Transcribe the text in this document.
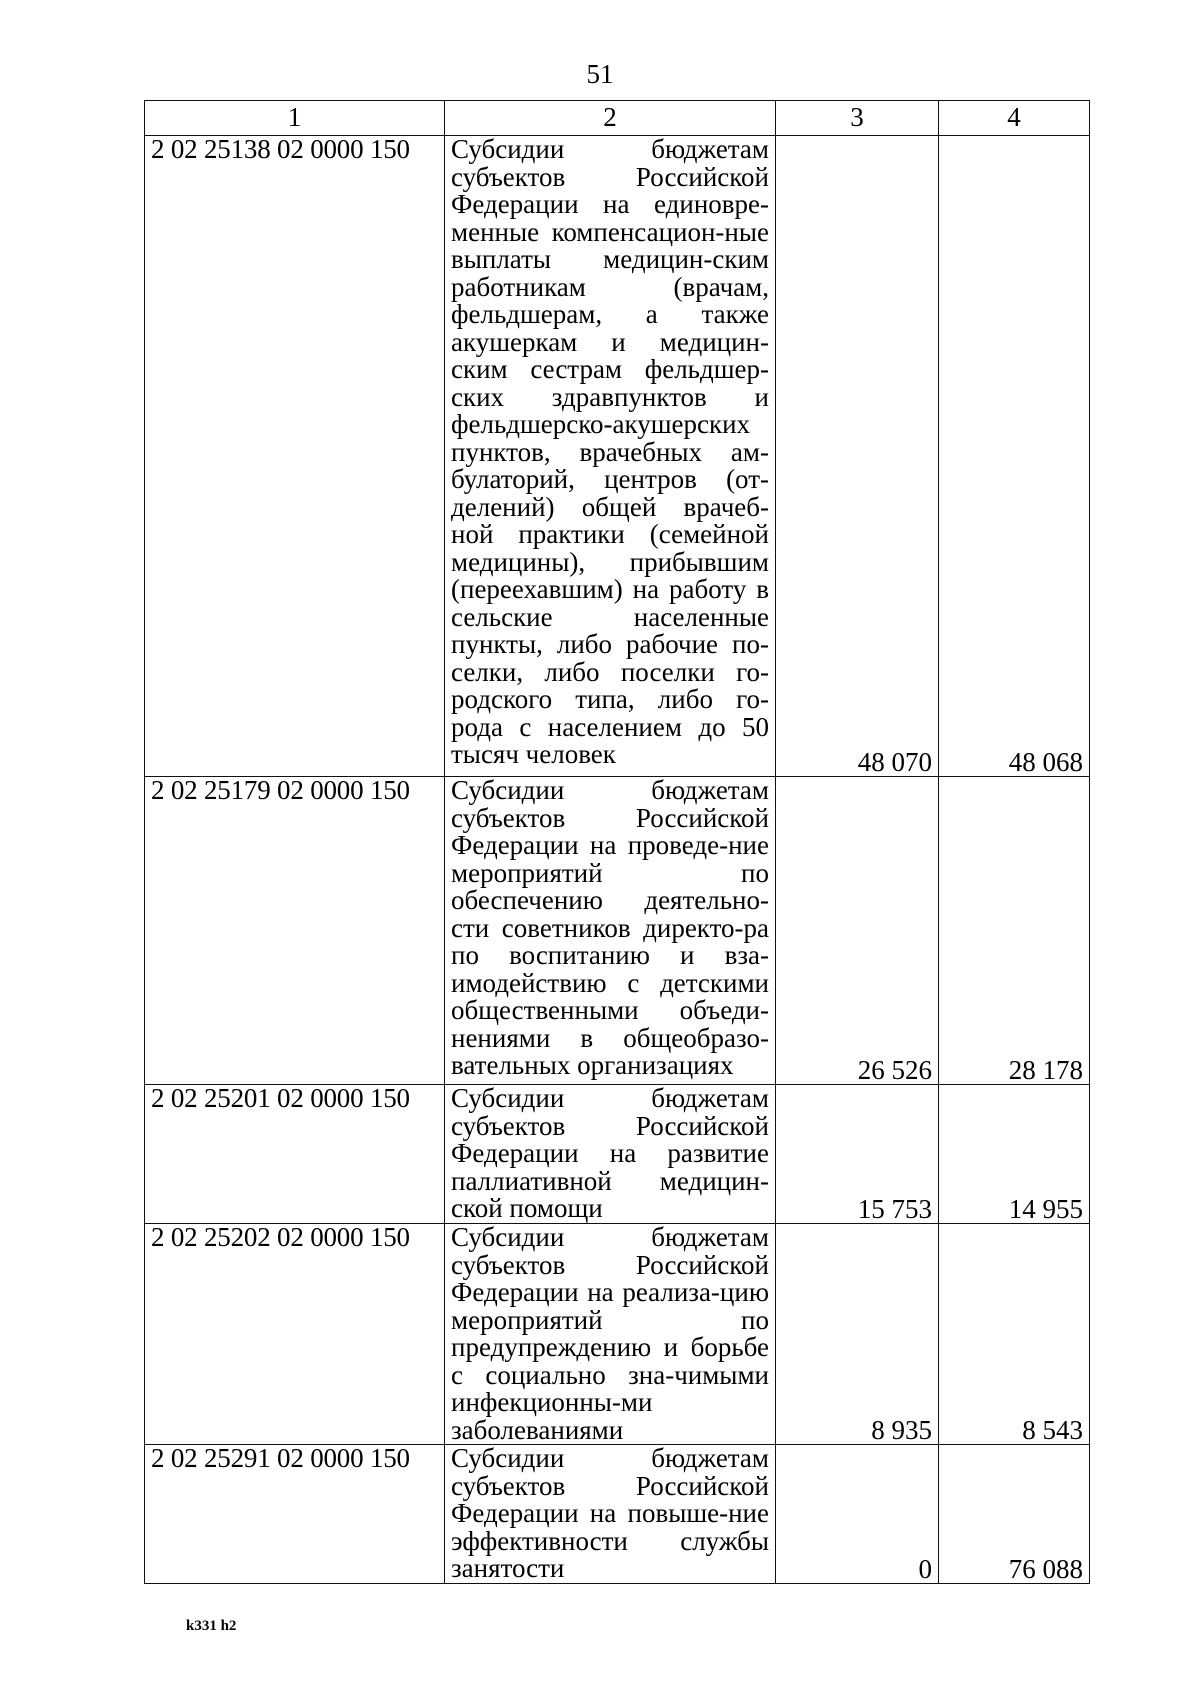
51
1	2	3	4
2 02 25138 02 0000 150	Субсидии бюджетам субъектов Российской Федерации на единовре-менные компенсацион-ные выплаты медицин-ским работникам (врачам, фельдшерам, а также акушеркам и медицин-ским сестрам фельдшер-ских здравпунктов и фельдшерско-акушерских пунктов, врачебных ам-булаторий, центров (от-делений) общей врачеб-ной практики (семейной медицины), прибывшим (переехавшим) на работу в сельские населенные пункты, либо рабочие по-селки, либо поселки го-родского типа, либо го-рода с населением до 50 тысяч человек	48 070	48 068
2 02 25179 02 0000 150	Субсидии бюджетам субъектов Российской Федерации на проведе-ние мероприятий по обеспечению деятельно-сти советников директо-ра по воспитанию и вза-имодействию с детскими общественными объеди-нениями в общеобразо-вательных организациях	26 526	28 178
2 02 25201 02 0000 150	Субсидии бюджетам субъектов Российской Федерации на развитие паллиативной медицин-ской помощи	15 753	14 955
2 02 25202 02 0000 150	Субсидии бюджетам субъектов Российской Федерации на реализа-цию мероприятий по предупреждению и борьбе с социально зна-чимыми инфекционны-ми заболеваниями	8 935	8 543
2 02 25291 02 0000 150	Субсидии бюджетам субъектов Российской Федерации на повыше-ние эффективности службы занятости	0	76 088
k331 h2
